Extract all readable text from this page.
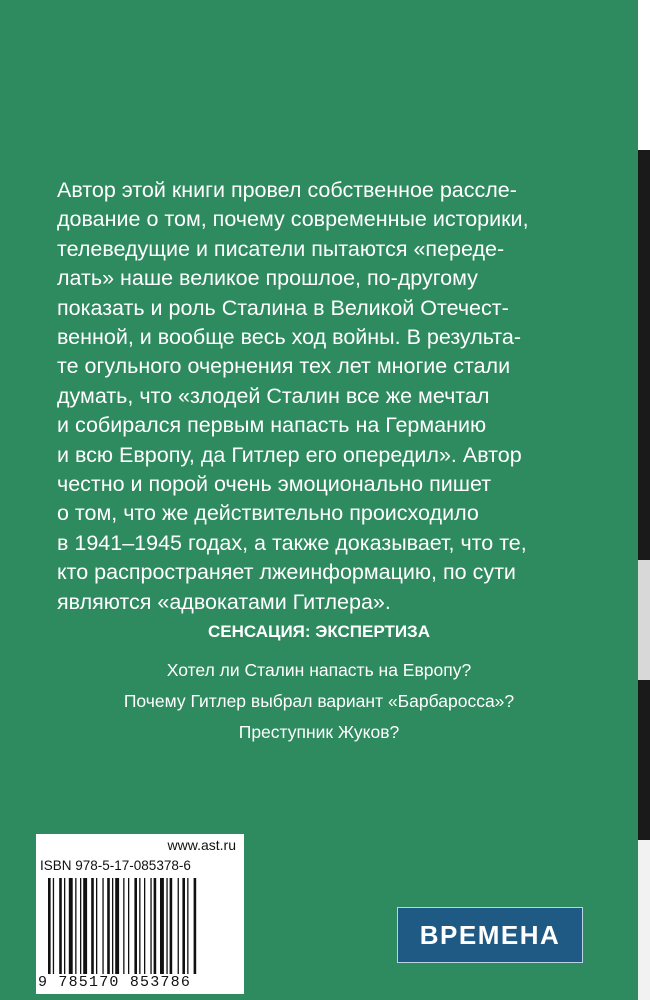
Автор этой книги провел собственное рассле-
дование о том, почему современные историки,
телеведущие и писатели пытаются «переде-
лать» наше великое прошлое, по-другому
показать и роль Сталина в Великой Отечест-
венной, и вообще весь ход войны. В результа-
те огульного очернения тех лет многие стали
думать, что «злодей Сталин все же мечтал
и собирался первым напасть на Германию
и всю Европу, да Гитлер его опередил». Автор
честно и порой очень эмоционально пишет
о том, что же действительно происходило
в 1941–1945 годах, а также доказывает, что те,
кто распространяет лжеинформацию, по сути
являются «адвокатами Гитлера».

СЕНСАЦИЯ: ЭКСПЕРТИЗА
Хотел ли Сталин напасть на Европу?
Почему Гитлер выбрал вариант «Барбаросса»?
Преступник Жуков?
www.ast.ru
ISBN 978-5-17-085378-6
9 785170 853786
ВРЕМЕНА
